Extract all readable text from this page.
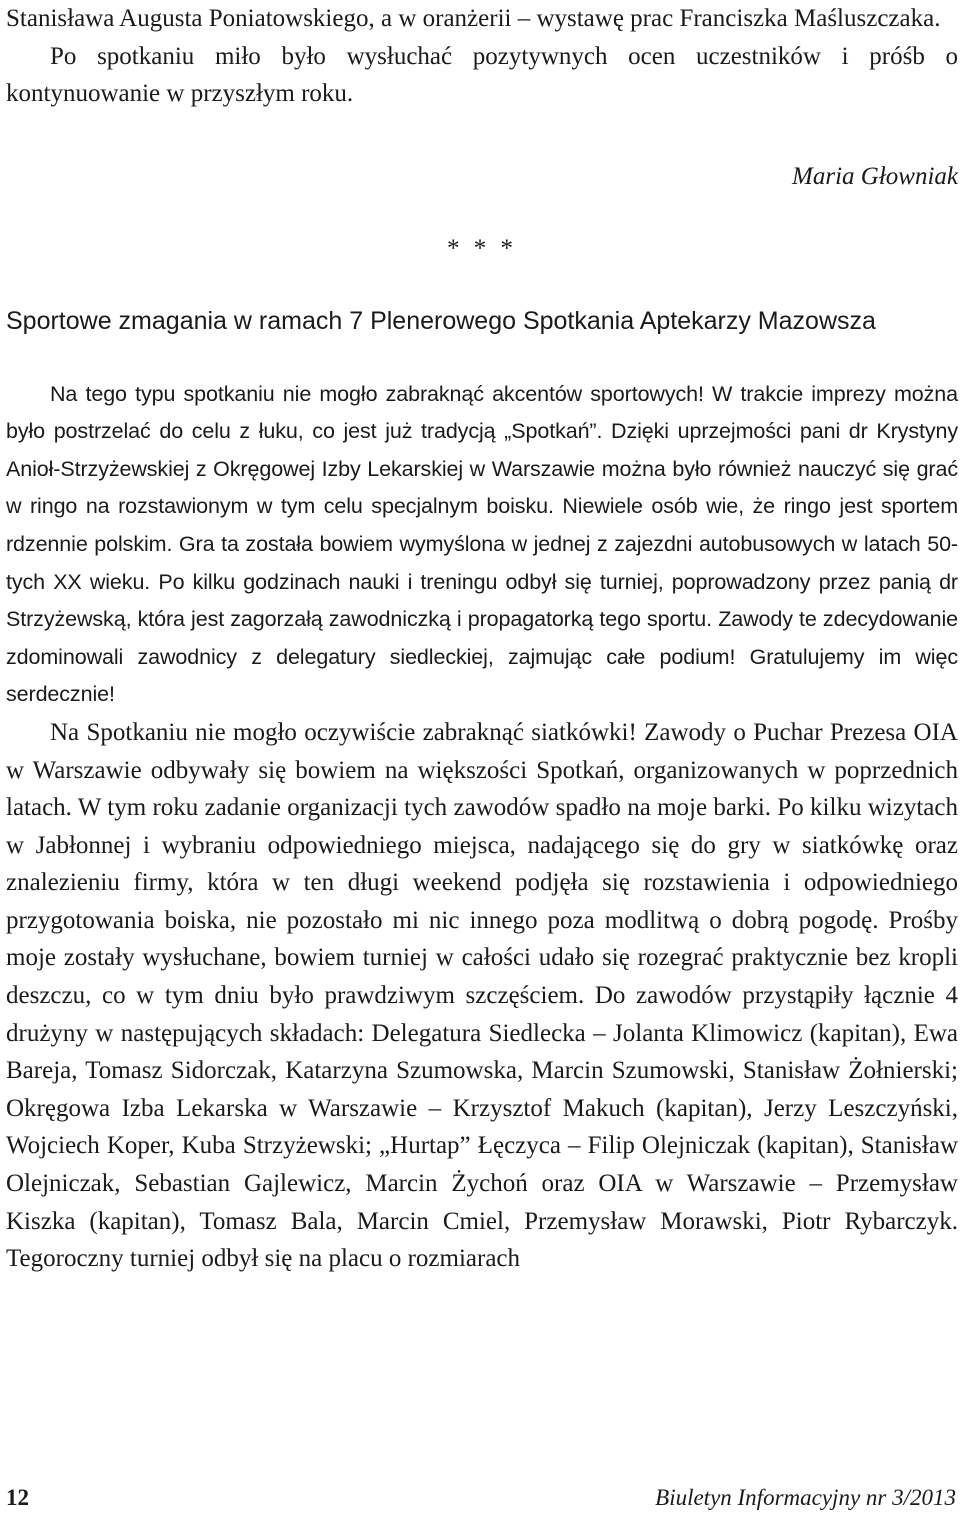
Stanisława Augusta Poniatowskiego, a w oranżerii – wystawę prac Franciszka Maśluszczaka.

Po spotkaniu miło było wysłuchać pozytywnych ocen uczestników i próśb o kontynuowanie w przyszłym roku.

Maria Głowniak
* * *
Sportowe zmagania w ramach 7 Plenerowego Spotkania Aptekarzy Mazowsza

Na tego typu spotkaniu nie mogło zabraknąć akcentów sportowych! W trakcie imprezy można było postrzelać do celu z łuku, co jest już tradycją „Spotkań”. Dzięki uprzejmości pani dr Krystyny Anioł-Strzyżewskiej z Okręgowej Izby Lekarskiej w Warszawie można było również nauczyć się grać w ringo na rozstawionym w tym celu specjalnym boisku. Niewiele osób wie, że ringo jest sportem rdzennie polskim. Gra ta została bowiem wymyślona w jednej z zajezdni autobusowych w latach 50-tych XX wieku. Po kilku godzinach nauki i treningu odbył się turniej, poprowadzony przez panią dr Strzyżewską, która jest zagorzałą zawodniczką i propagatorką tego sportu. Zawody te zdecydowanie zdominowali zawodnicy z delegatury siedleckiej, zajmując całe podium! Gratulujemy im więc serdecznie!

Na Spotkaniu nie mogło oczywiście zabraknąć siatkówki! Zawody o Puchar Prezesa OIA w Warszawie odbywały się bowiem na większości Spotkań, organizowanych w poprzednich latach. W tym roku zadanie organizacji tych zawodów spadło na moje barki. Po kilku wizytach w Jabłonnej i wybraniu odpowiedniego miejsca, nadającego się do gry w siatkówkę oraz znalezieniu firmy, która w ten długi weekend podjęła się rozstawienia i odpowiedniego przygotowania boiska, nie pozostało mi nic innego poza modlitwą o dobrą pogodę. Prośby moje zostały wysłuchane, bowiem turniej w całości udało się rozegrać praktycznie bez kropli deszczu, co w tym dniu było prawdziwym szczęściem. Do zawodów przystąpiły łącznie 4 drużyny w następujących składach: Delegatura Siedlecka – Jolanta Klimowicz (kapitan), Ewa Bareja, Tomasz Sidorczak, Katarzyna Szumowska, Marcin Szumowski, Stanisław Żołnierski; Okręgowa Izba Lekarska w Warszawie – Krzysztof Makuch (kapitan), Jerzy Leszczyński, Wojciech Koper, Kuba Strzyżewski; „Hurtap” Łęczyca – Filip Olejniczak (kapitan), Stanisław Olejniczak, Sebastian Gajlewicz, Marcin Żychoń oraz OIA w Warszawie – Przemysław Kiszka (kapitan), Tomasz Bala, Marcin Cmiel, Przemysław Morawski, Piotr Rybarczyk. Tegoroczny turniej odbył się na placu o rozmiarach

12	Biuletyn Informacyjny nr 3/2013
